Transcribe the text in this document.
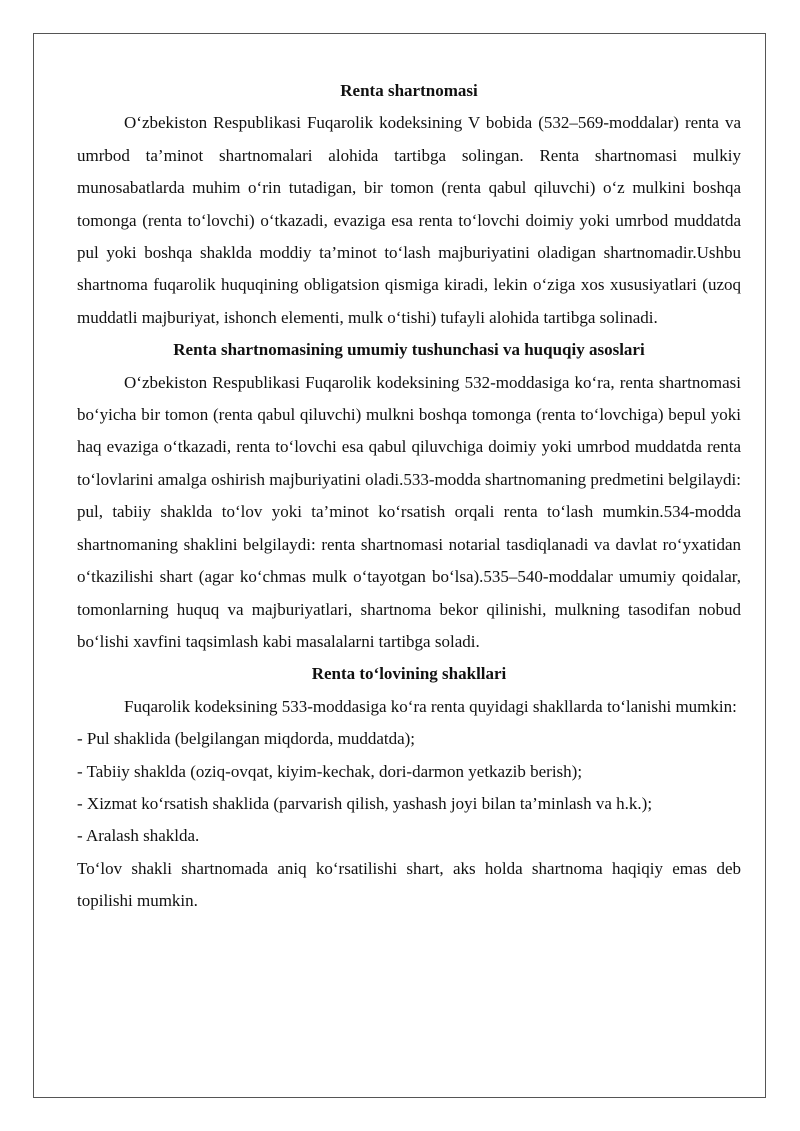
Renta shartnomasi

O‘zbekiston Respublikasi Fuqarolik kodeksining V bobida (532–569-moddalar) renta va umrbod ta’minot shartnomalari alohida tartibga solingan. Renta shartnomasi mulkiy munosabatlarda muhim o‘rin tutadigan, bir tomon (renta qabul qiluvchi) o‘z mulkini boshqa tomonga (renta to‘lovchi) o‘tkazadi, evaziga esa renta to‘lovchi doimiy yoki umrbod muddatda pul yoki boshqa shaklda moddiy ta’minot to‘lash majburiyatini oladigan shartnomadir.Ushbu shartnoma fuqarolik huquqining obligatsion qismiga kiradi, lekin o‘ziga xos xususiyatlari (uzoq muddatli majburiyat, ishonch elementi, mulk o‘tishi) tufayli alohida tartibga solinadi.

Renta shartnomasining umumiy tushunchasi va huquqiy asoslari

O‘zbekiston Respublikasi Fuqarolik kodeksining 532-moddasiga ko‘ra, renta shartnomasi bo‘yicha bir tomon (renta qabul qiluvchi) mulkni boshqa tomonga (renta to‘lovchiga) bepul yoki haq evaziga o‘tkazadi, renta to‘lovchi esa qabul qiluvchiga doimiy yoki umrbod muddatda renta to‘lovlarini amalga oshirish majburiyatini oladi.533-modda shartnomaning predmetini belgilaydi: pul, tabiiy shaklda to‘lov yoki ta’minot ko‘rsatish orqali renta to‘lash mumkin.534-modda shartnomaning shaklini belgilaydi: renta shartnomasi notarial tasdiqlanadi va davlat ro‘yxatidan o‘tkazilishi shart (agar ko‘chmas mulk o‘tayotgan bo‘lsa).535–540-moddalar umumiy qoidalar, tomonlarning huquq va majburiyatlari, shartnoma bekor qilinishi, mulkning tasodifan nobud bo‘lishi xavfini taqsimlash kabi masalalarni tartibga soladi.

Renta to‘lovining shakllari

Fuqarolik kodeksining 533-moddasiga ko‘ra renta quyidagi shakllarda to‘lanishi mumkin:

- Pul shaklida (belgilangan miqdorda, muddatda);

- Tabiiy shaklda (oziq-ovqat, kiyim-kechak, dori-darmon yetkazib berish);

- Xizmat ko‘rsatish shaklida (parvarish qilish, yashash joyi bilan ta’minlash va h.k.);

- Aralash shaklda.

To‘lov shakli shartnomada aniq ko‘rsatilishi shart, aks holda shartnoma haqiqiy emas deb topilishi mumkin.
